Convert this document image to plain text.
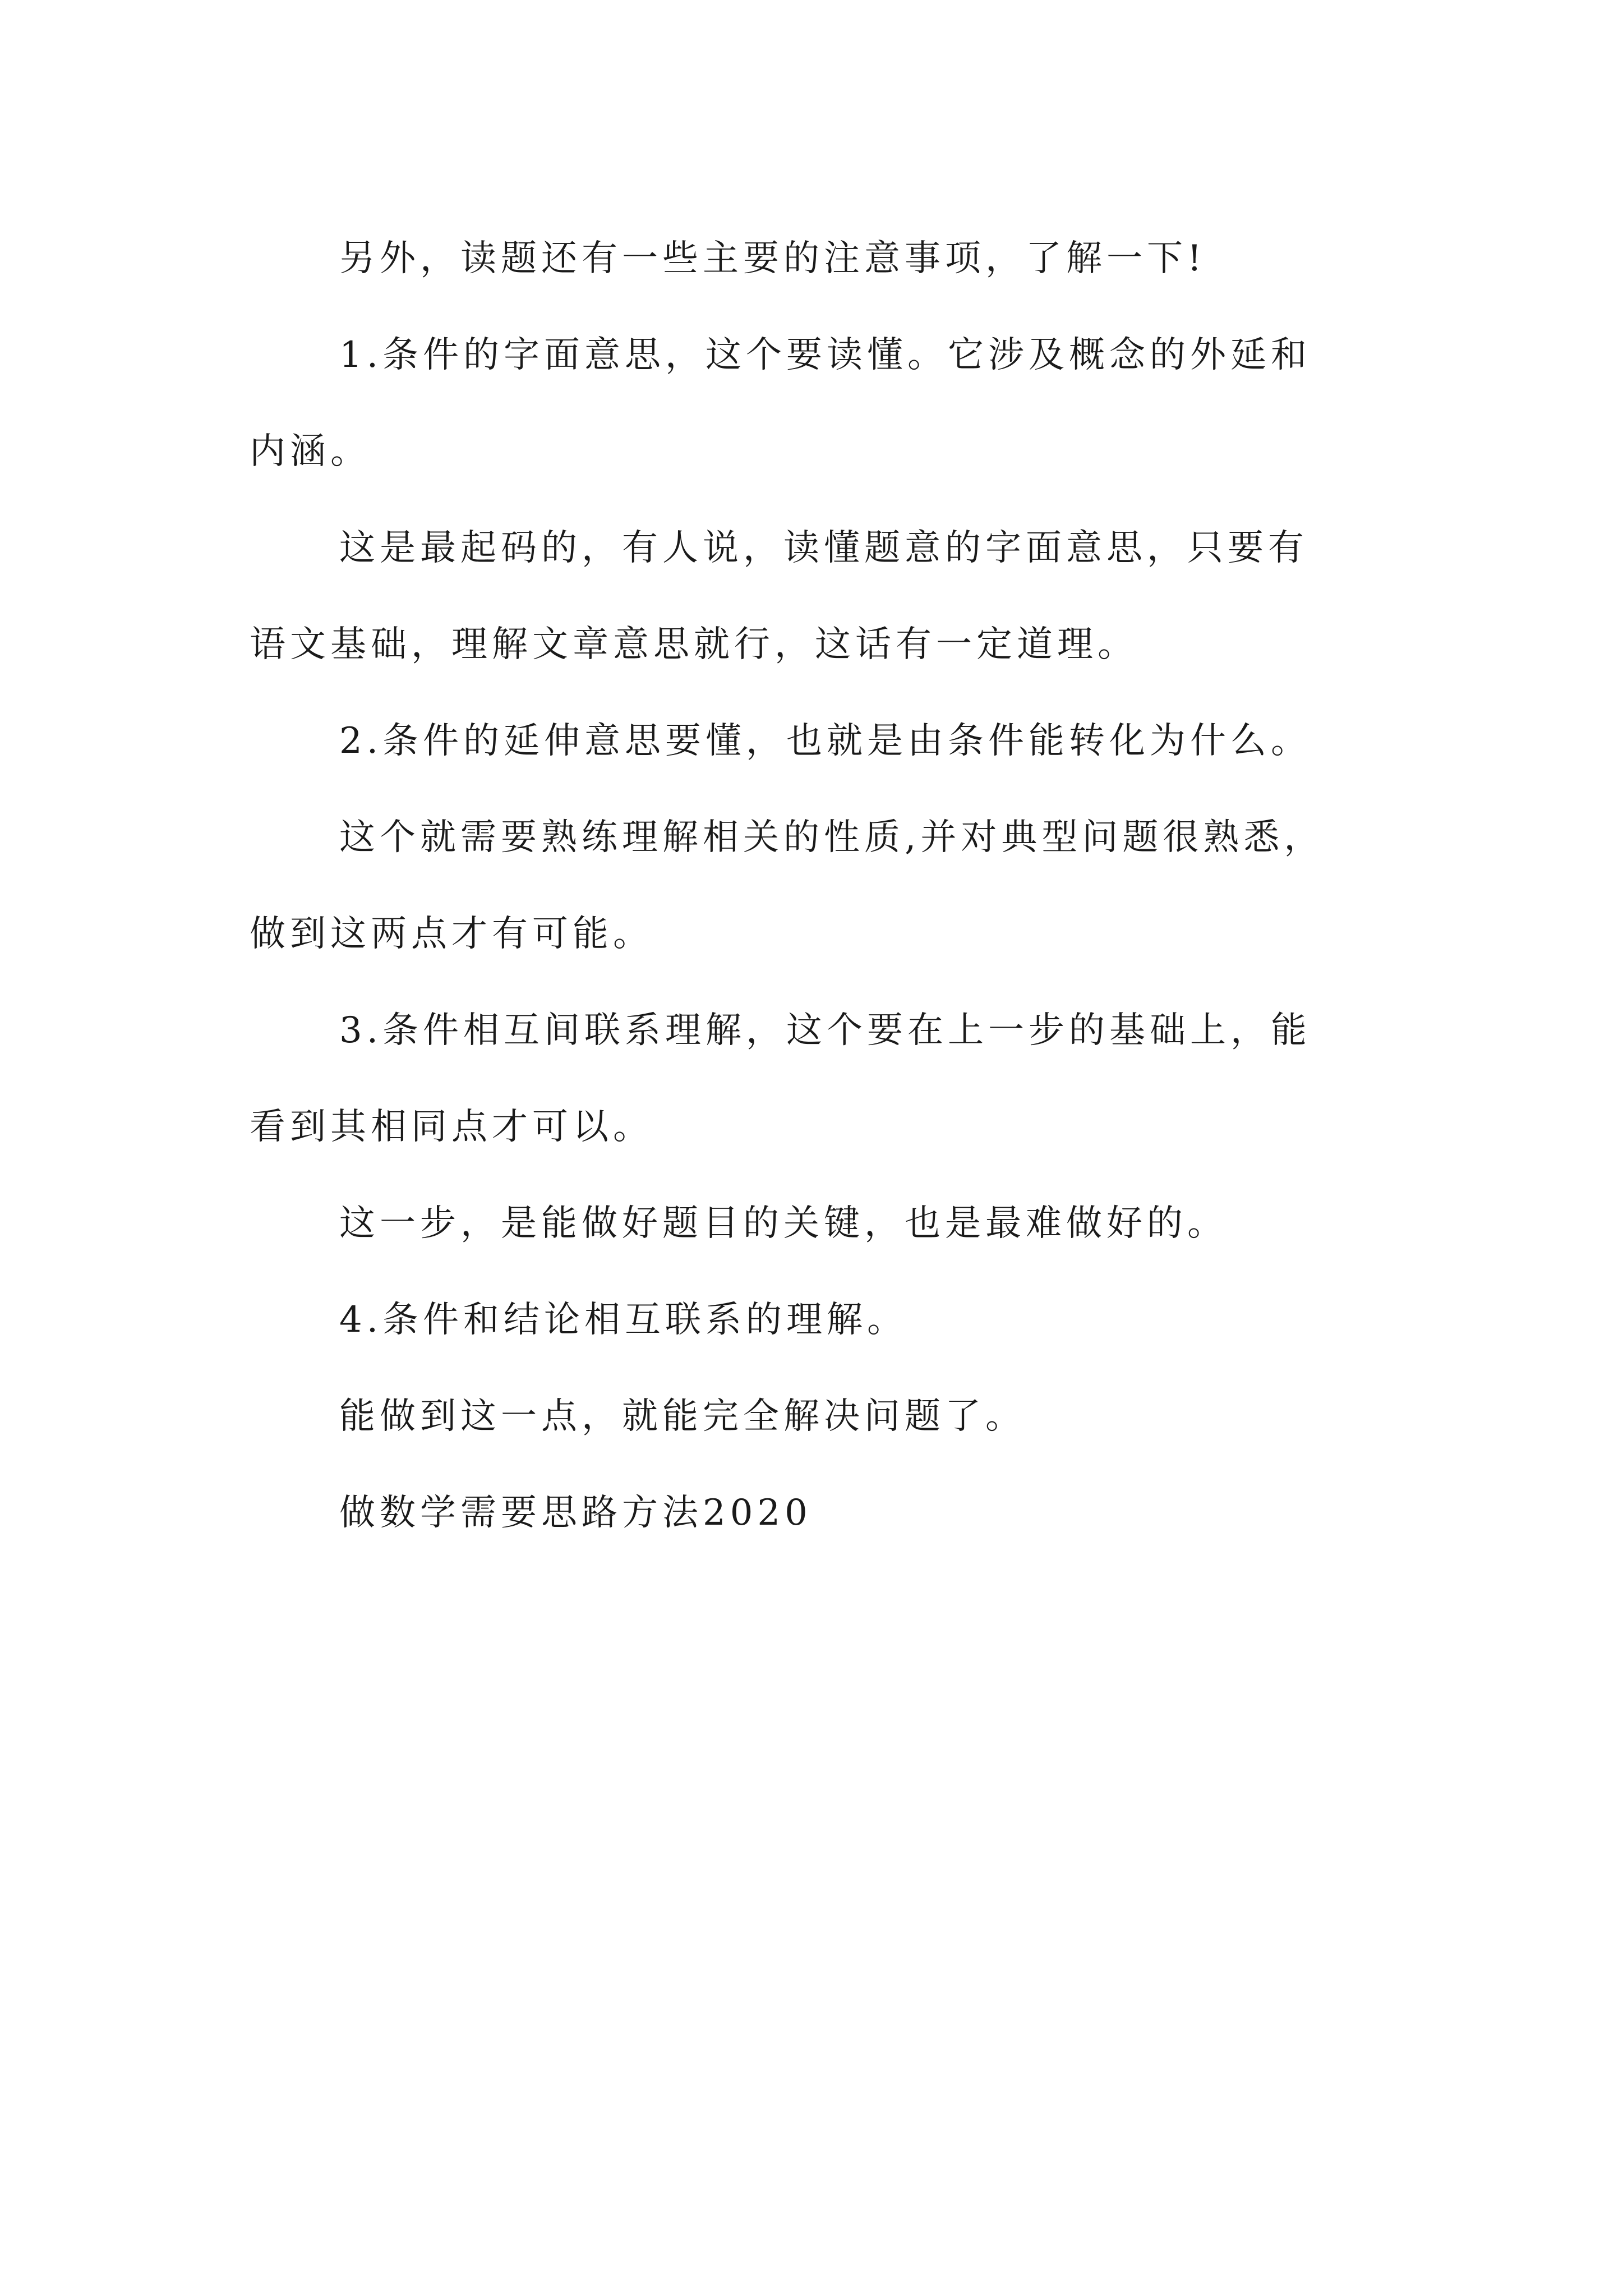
另外，读题还有一些主要的注意事项，了解一下!
1.条件的字面意思，这个要读懂。它涉及概念的外延和
内涵。
这是最起码的，有人说，读懂题意的字面意思，只要有
语文基础，理解文章意思就行，这话有一定道理。
2.条件的延伸意思要懂，也就是由条件能转化为什么。
这个就需要熟练理解相关的性质,并对典型问题很熟悉，
做到这两点才有可能。
3.条件相互间联系理解，这个要在上一步的基础上，能
看到其相同点才可以。
这一步，是能做好题目的关键，也是最难做好的。
4.条件和结论相互联系的理解。
能做到这一点，就能完全解决问题了。
做数学需要思路方法2020
